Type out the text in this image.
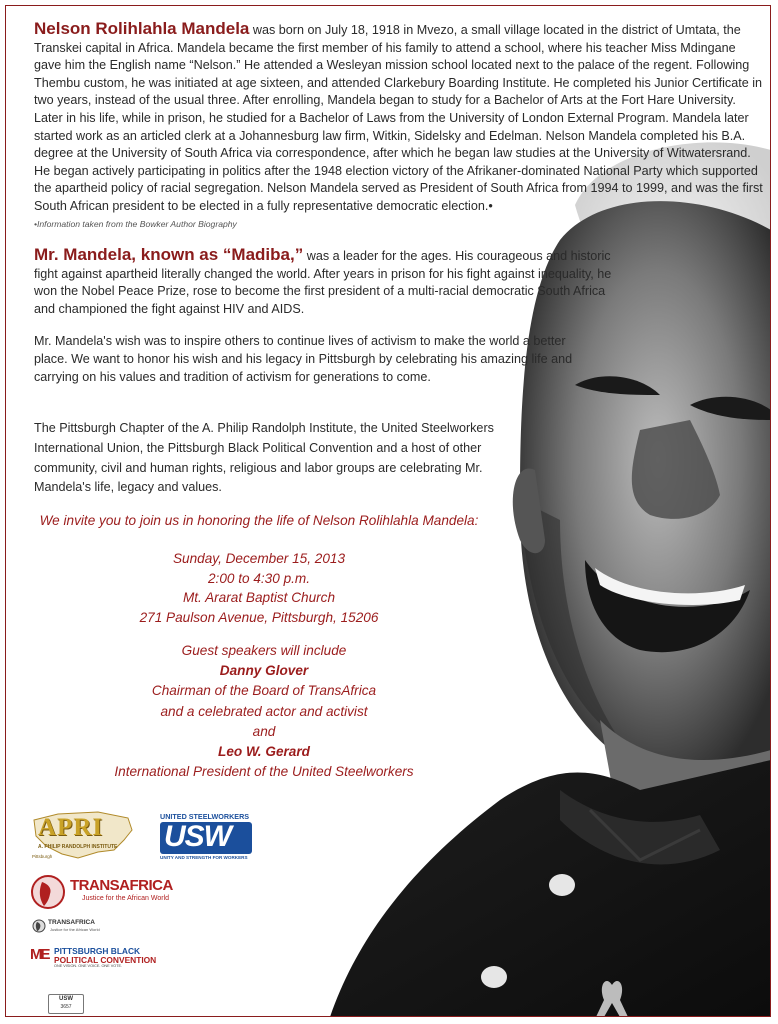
Nelson Rolihlahla Mandela was born on July 18, 1918 in Mvezo, a small village located in the district of Umtata, the Transkei capital in Africa. Mandela became the first member of his family to attend a school, where his teacher Miss Mdingane gave him the English name “Nelson.” He attended a Wesleyan mission school located next to the palace of the regent. Following Thembu custom, he was initiated at age sixteen, and attended Clarkebury Boarding Institute. He completed his Junior Certificate in two years, instead of the usual three. After enrolling, Mandela began to study for a Bachelor of Arts at the Fort Hare University. Later in his life, while in prison, he studied for a Bachelor of Laws from the University of London External Program. Mandela later started work as an articled clerk at a Johannesburg law firm, Witkin, Sidelsky and Edelman. Nelson Mandela completed his B.A. degree at the University of South Africa via correspondence, after which he began law studies at the University of Witwatersrand. He began actively participating in politics after the 1948 election victory of the Afrikaner-dominated National Party which supported the apartheid policy of racial segregation. Nelson Mandela served as President of South Africa from 1994 to 1999, and was the first South African president to be elected in a fully representative democratic election.•
•Information taken from the Bowker Author Biography
Mr. Mandela, known as “Madiba,” was a leader for the ages. His courageous and historic fight against apartheid literally changed the world. After years in prison for his fight against inequality, he won the Nobel Peace Prize, rose to become the first president of a multi-racial democratic South Africa and championed the fight against HIV and AIDS.
Mr. Mandela's wish was to inspire others to continue lives of activism to make the world a better place. We want to honor his wish and his legacy in Pittsburgh by celebrating his amazing life and carrying on his values and tradition of activism for generations to come.
The Pittsburgh Chapter of the A. Philip Randolph Institute, the United Steelworkers International Union, the Pittsburgh Black Political Convention and a host of other community, civil and human rights, religious and labor groups are celebrating Mr. Mandela's life, legacy and values.
We invite you to join us in honoring the life of Nelson Rolihlahla Mandela:
Sunday, December 15, 2013
2:00 to 4:30 p.m.
Mt. Ararat Baptist Church
271 Paulson Avenue, Pittsburgh, 15206
Guest speakers will include
Danny Glover
Chairman of the Board of TransAfrica
and a celebrated actor and activist
and
Leo W. Gerard
International President of the United Steelworkers
APRI
A. PHILIP RANDOLPH INSTITUTE
Pittsburgh
UNITED STEELWORKERS
USW
UNITY AND STRENGTH FOR WORKERS
TRANSAFRICA
Justice for the African World
TRANSAFRICA
Justice for the African World
ME PITTSBURGH BLACK
POLITICAL CONVENTION
ONE VISION. ONE VOICE. ONE VOTE.
USW
3657
